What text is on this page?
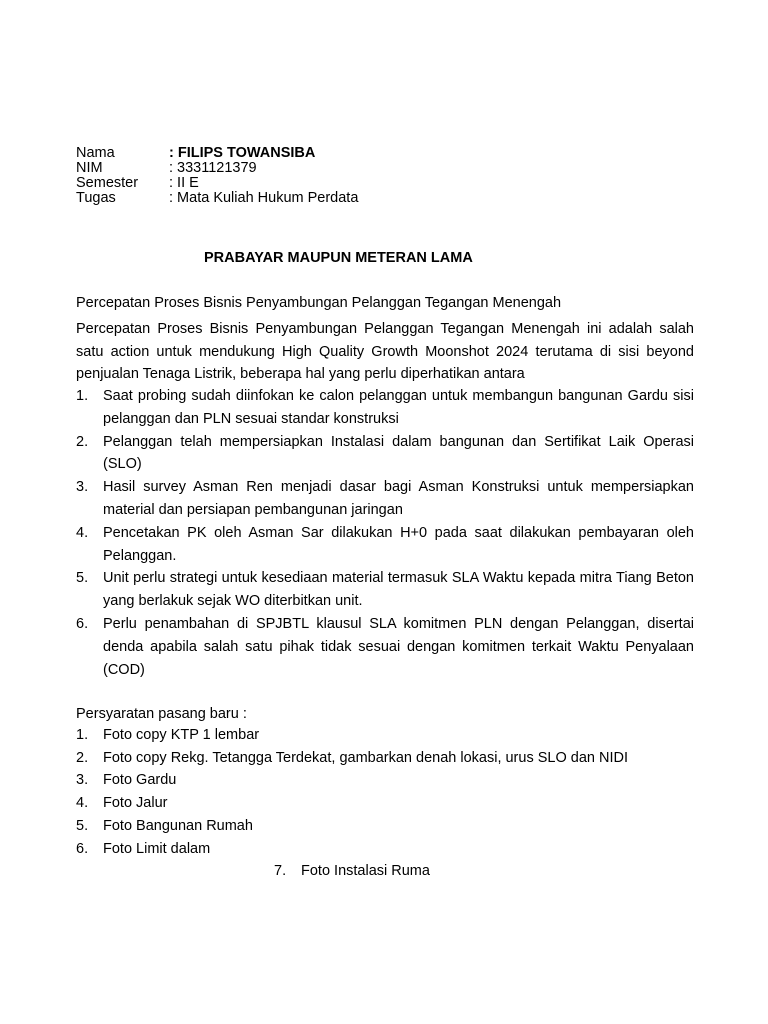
Nama	: FILIPS TOWANSIBA
NIM	: 3331121379
Semester	: II E
Tugas	: Mata Kuliah Hukum Perdata
PRABAYAR MAUPUN METERAN LAMA
Percepatan Proses Bisnis Penyambungan Pelanggan Tegangan Menengah
Percepatan Proses Bisnis Penyambungan Pelanggan Tegangan Menengah ini adalah salah satu action untuk mendukung High Quality Growth Moonshot 2024 terutama di sisi beyond penjualan Tenaga Listrik, beberapa hal yang perlu diperhatikan antara
1.	Saat probing sudah diinfokan ke calon pelanggan untuk membangun bangunan Gardu sisi pelanggan dan PLN sesuai standar konstruksi
2.	Pelanggan telah mempersiapkan Instalasi dalam bangunan dan Sertifikat Laik Operasi (SLO)
3.	Hasil survey Asman Ren menjadi dasar bagi Asman Konstruksi untuk mempersiapkan material dan persiapan pembangunan jaringan
4.	Pencetakan PK oleh Asman Sar dilakukan H+0 pada saat dilakukan pembayaran oleh Pelanggan.
5.	Unit perlu strategi untuk kesediaan material termasuk SLA Waktu kepada mitra Tiang Beton yang berlakuk sejak WO diterbitkan unit.
6.	Perlu penambahan di SPJBTL klausul SLA komitmen PLN dengan Pelanggan, disertai denda apabila salah satu pihak tidak sesuai dengan komitmen terkait Waktu Penyalaan (COD)
Persyaratan pasang baru :
1.	Foto copy KTP 1 lembar
2.	Foto copy Rekg. Tetangga Terdekat, gambarkan denah lokasi, urus SLO dan NIDI
3.	Foto Gardu
4.	Foto Jalur
5.	Foto Bangunan Rumah
6.	Foto Limit dalam
7.	Foto Instalasi Ruma
